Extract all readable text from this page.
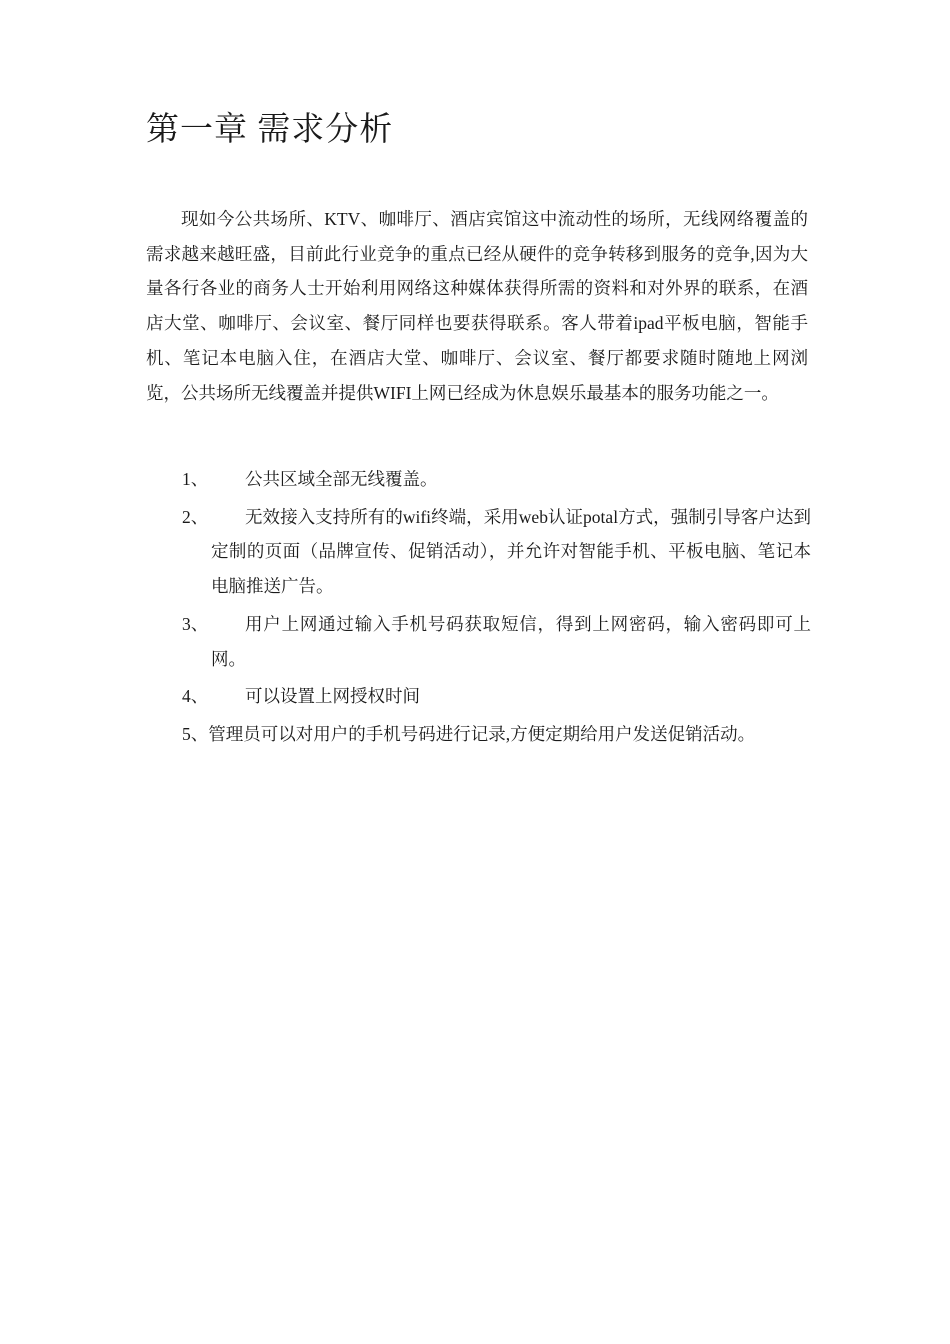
第一章 需求分析

现如今公共场所、KTV、咖啡厅、酒店宾馆这中流动性的场所，无线网络覆盖的需求越来越旺盛，目前此行业竞争的重点已经从硬件的竞争转移到服务的竞争,因为大量各行各业的商务人士开始利用网络这种媒体获得所需的资料和对外界的联系，在酒店大堂、咖啡厅、会议室、餐厅同样也要获得联系。客人带着ipad平板电脑，智能手机、笔记本电脑入住，在酒店大堂、咖啡厅、会议室、餐厅都要求随时随地上网浏览，公共场所无线覆盖并提供WIFI上网已经成为休息娱乐最基本的服务功能之一。

1、 公共区域全部无线覆盖。
2、	无效接入支持所有的wifi终端，采用web认证potal方式，强制引导客户达到定制的页面（品牌宣传、促销活动），并允许对智能手机、平板电脑、笔记本电脑推送广告。
3、	用户上网通过输入手机号码获取短信，得到上网密码，输入密码即可上网。
4、 可以设置上网授权时间
5、管理员可以对用户的手机号码进行记录,方便定期给用户发送促销活动。
